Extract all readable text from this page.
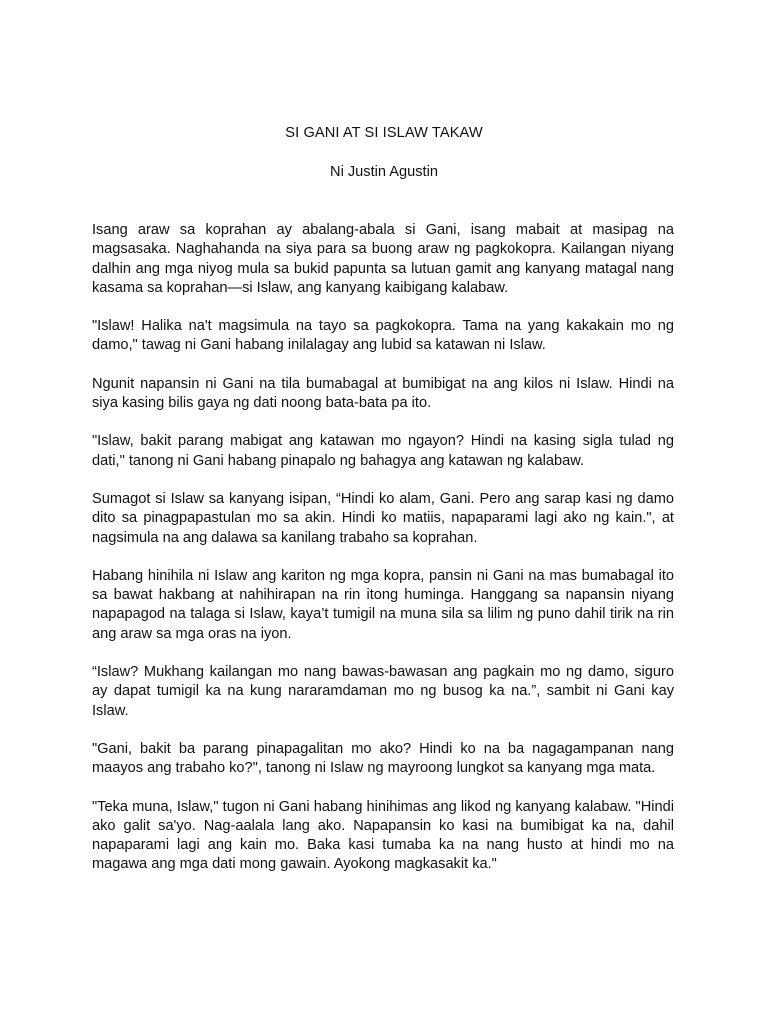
SI GANI AT SI ISLAW TAKAW
Ni Justin Agustin

Isang araw sa koprahan ay abalang-abala si Gani, isang mabait at masipag na magsasaka. Naghahanda na siya para sa buong araw ng pagkokopra. Kailangan niyang dalhin ang mga niyog mula sa bukid papunta sa lutuan gamit ang kanyang matagal nang kasama sa koprahan—si Islaw, ang kanyang kaibigang kalabaw.

"Islaw! Halika na't magsimula na tayo sa pagkokopra. Tama na yang kakakain mo ng damo," tawag ni Gani habang inilalagay ang lubid sa katawan ni Islaw.

Ngunit napansin ni Gani na tila bumabagal at bumibigat na ang kilos ni Islaw. Hindi na siya kasing bilis gaya ng dati noong bata-bata pa ito.

"Islaw, bakit parang mabigat ang katawan mo ngayon? Hindi na kasing sigla tulad ng dati," tanong ni Gani habang pinapalo ng bahagya ang katawan ng kalabaw.

Sumagot si Islaw sa kanyang isipan, “Hindi ko alam, Gani. Pero ang sarap kasi ng damo dito sa pinagpapastulan mo sa akin. Hindi ko matiis, napaparami lagi ako ng kain.", at nagsimula na ang dalawa sa kanilang trabaho sa koprahan.

Habang hinihila ni Islaw ang kariton ng mga kopra, pansin ni Gani na mas bumabagal ito sa bawat hakbang at nahihirapan na rin itong huminga. Hanggang sa napansin niyang napapagod na talaga si Islaw, kaya’t tumigil na muna sila sa lilim ng puno dahil tirik na rin ang araw sa mga oras na iyon.

“Islaw? Mukhang kailangan mo nang bawas-bawasan ang pagkain mo ng damo, siguro ay dapat tumigil ka na kung nararamdaman mo ng busog ka na.”, sambit ni Gani kay Islaw.

"Gani, bakit ba parang pinapagalitan mo ako? Hindi ko na ba nagagampanan nang maayos ang trabaho ko?", tanong ni Islaw ng mayroong lungkot sa kanyang mga mata.

"Teka muna, Islaw," tugon ni Gani habang hinihimas ang likod ng kanyang kalabaw. "Hindi ako galit sa'yo. Nag-aalala lang ako. Napapansin ko kasi na bumibigat ka na, dahil napaparami lagi ang kain mo. Baka kasi tumaba ka na nang husto at hindi mo na magawa ang mga dati mong gawain. Ayokong magkasakit ka."
